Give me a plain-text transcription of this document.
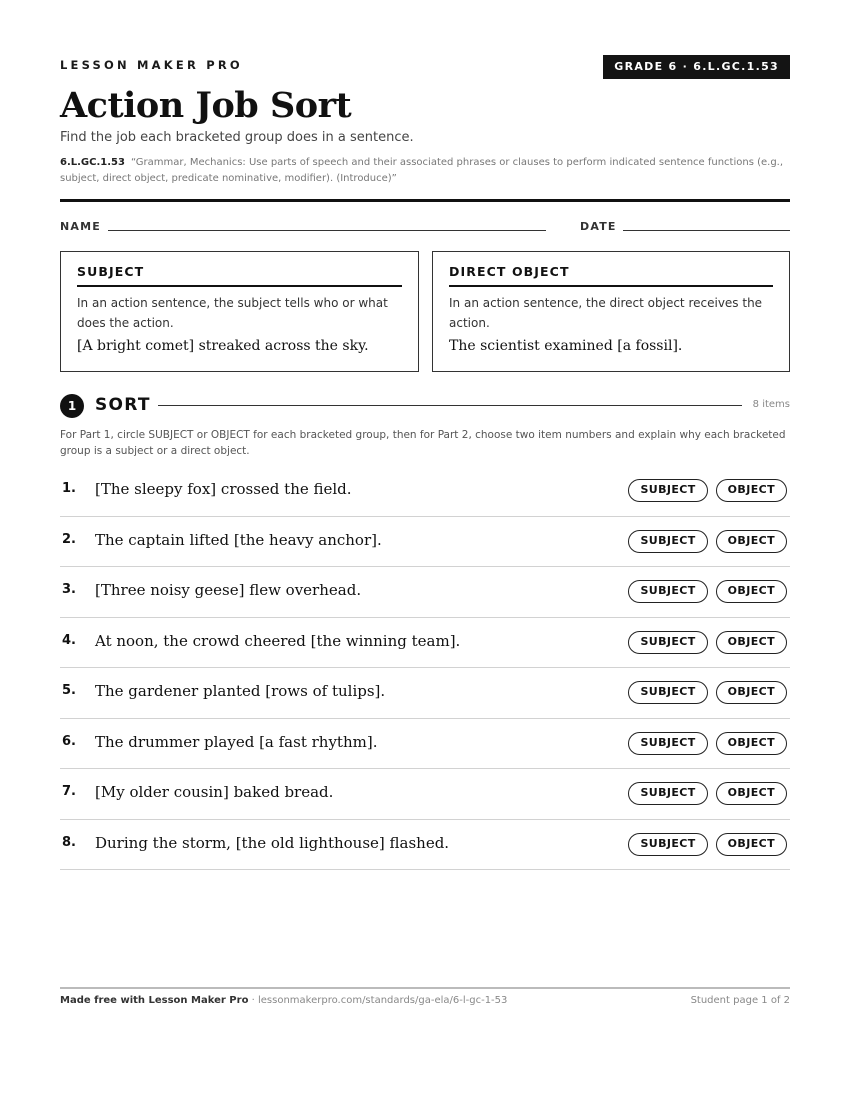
LESSON MAKER PRO	GRADE 6 · 6.L.GC.1.53
Action Job Sort
Find the job each bracketed group does in a sentence.
6.L.GC.1.53 “Grammar, Mechanics: Use parts of speech and their associated phrases or clauses to perform indicated sentence functions (e.g., subject, direct object, predicate nominative, modifier). (Introduce)”
NAME	DATE
SUBJECT
In an action sentence, the subject tells who or what does the action.
[A bright comet] streaked across the sky.
DIRECT OBJECT
In an action sentence, the direct object receives the action.
The scientist examined [a fossil].
1	SORT	8 items
For Part 1, circle SUBJECT or OBJECT for each bracketed group, then for Part 2, choose two item numbers and explain why each bracketed group is a subject or a direct object.
1. [The sleepy fox] crossed the field.	SUBJECT	OBJECT
2. The captain lifted [the heavy anchor].	SUBJECT	OBJECT
3. [Three noisy geese] flew overhead.	SUBJECT	OBJECT
4. At noon, the crowd cheered [the winning team].	SUBJECT	OBJECT
5. The gardener planted [rows of tulips].	SUBJECT	OBJECT
6. The drummer played [a fast rhythm].	SUBJECT	OBJECT
7. [My older cousin] baked bread.	SUBJECT	OBJECT
8. During the storm, [the old lighthouse] flashed.	SUBJECT	OBJECT
Made free with Lesson Maker Pro · lessonmakerpro.com/standards/ga-ela/6-l-gc-1-53	Student page 1 of 2
